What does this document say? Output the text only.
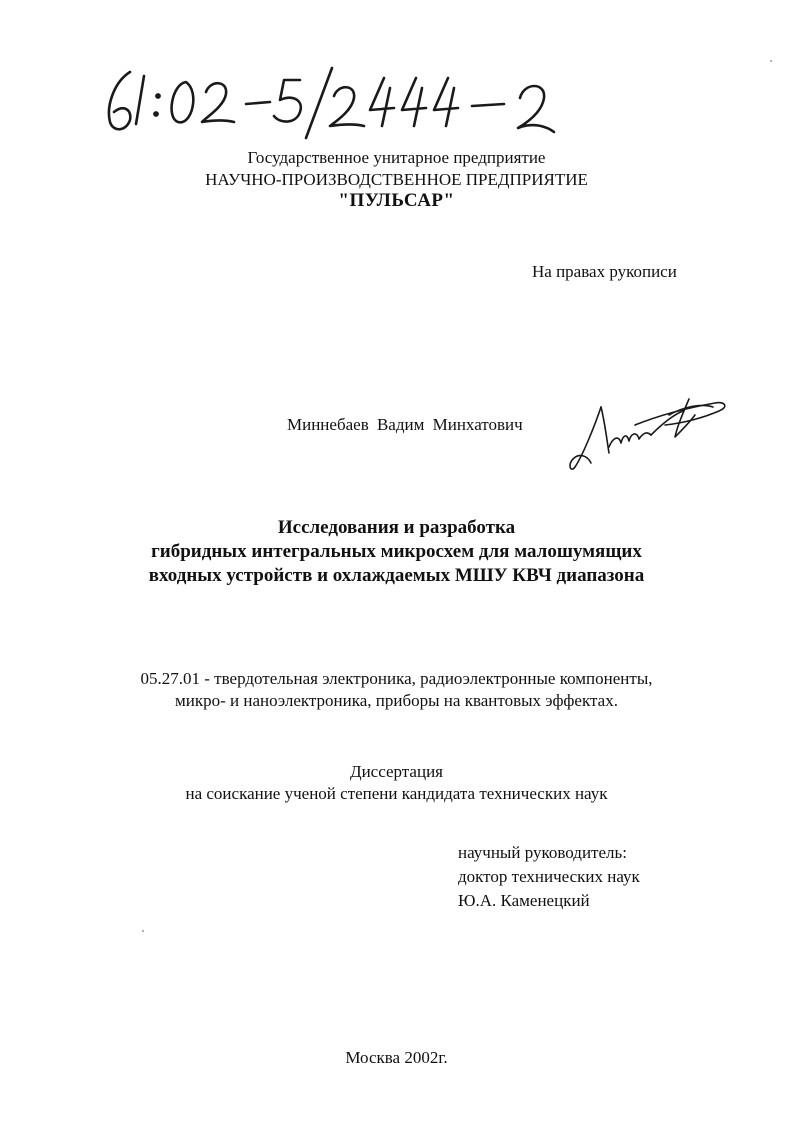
Государственное унитарное предприятие
НАУЧНО-ПРОИЗВОДСТВЕННОЕ ПРЕДПРИЯТИЕ
"ПУЛЬСАР"
На правах рукописи
Миннебаев Вадим Минхатович
Исследования и разработка
гибридных интегральных микросхем для малошумящих
входных устройств и охлаждаемых МШУ КВЧ диапазона
05.27.01 - твердотельная электроника, радиоэлектронные компоненты,
микро- и наноэлектроника, приборы на квантовых эффектах.
Диссертация
на соискание ученой степени кандидата технических наук
научный руководитель:
доктор технических наук
Ю.А. Каменецкий
Москва 2002г.
